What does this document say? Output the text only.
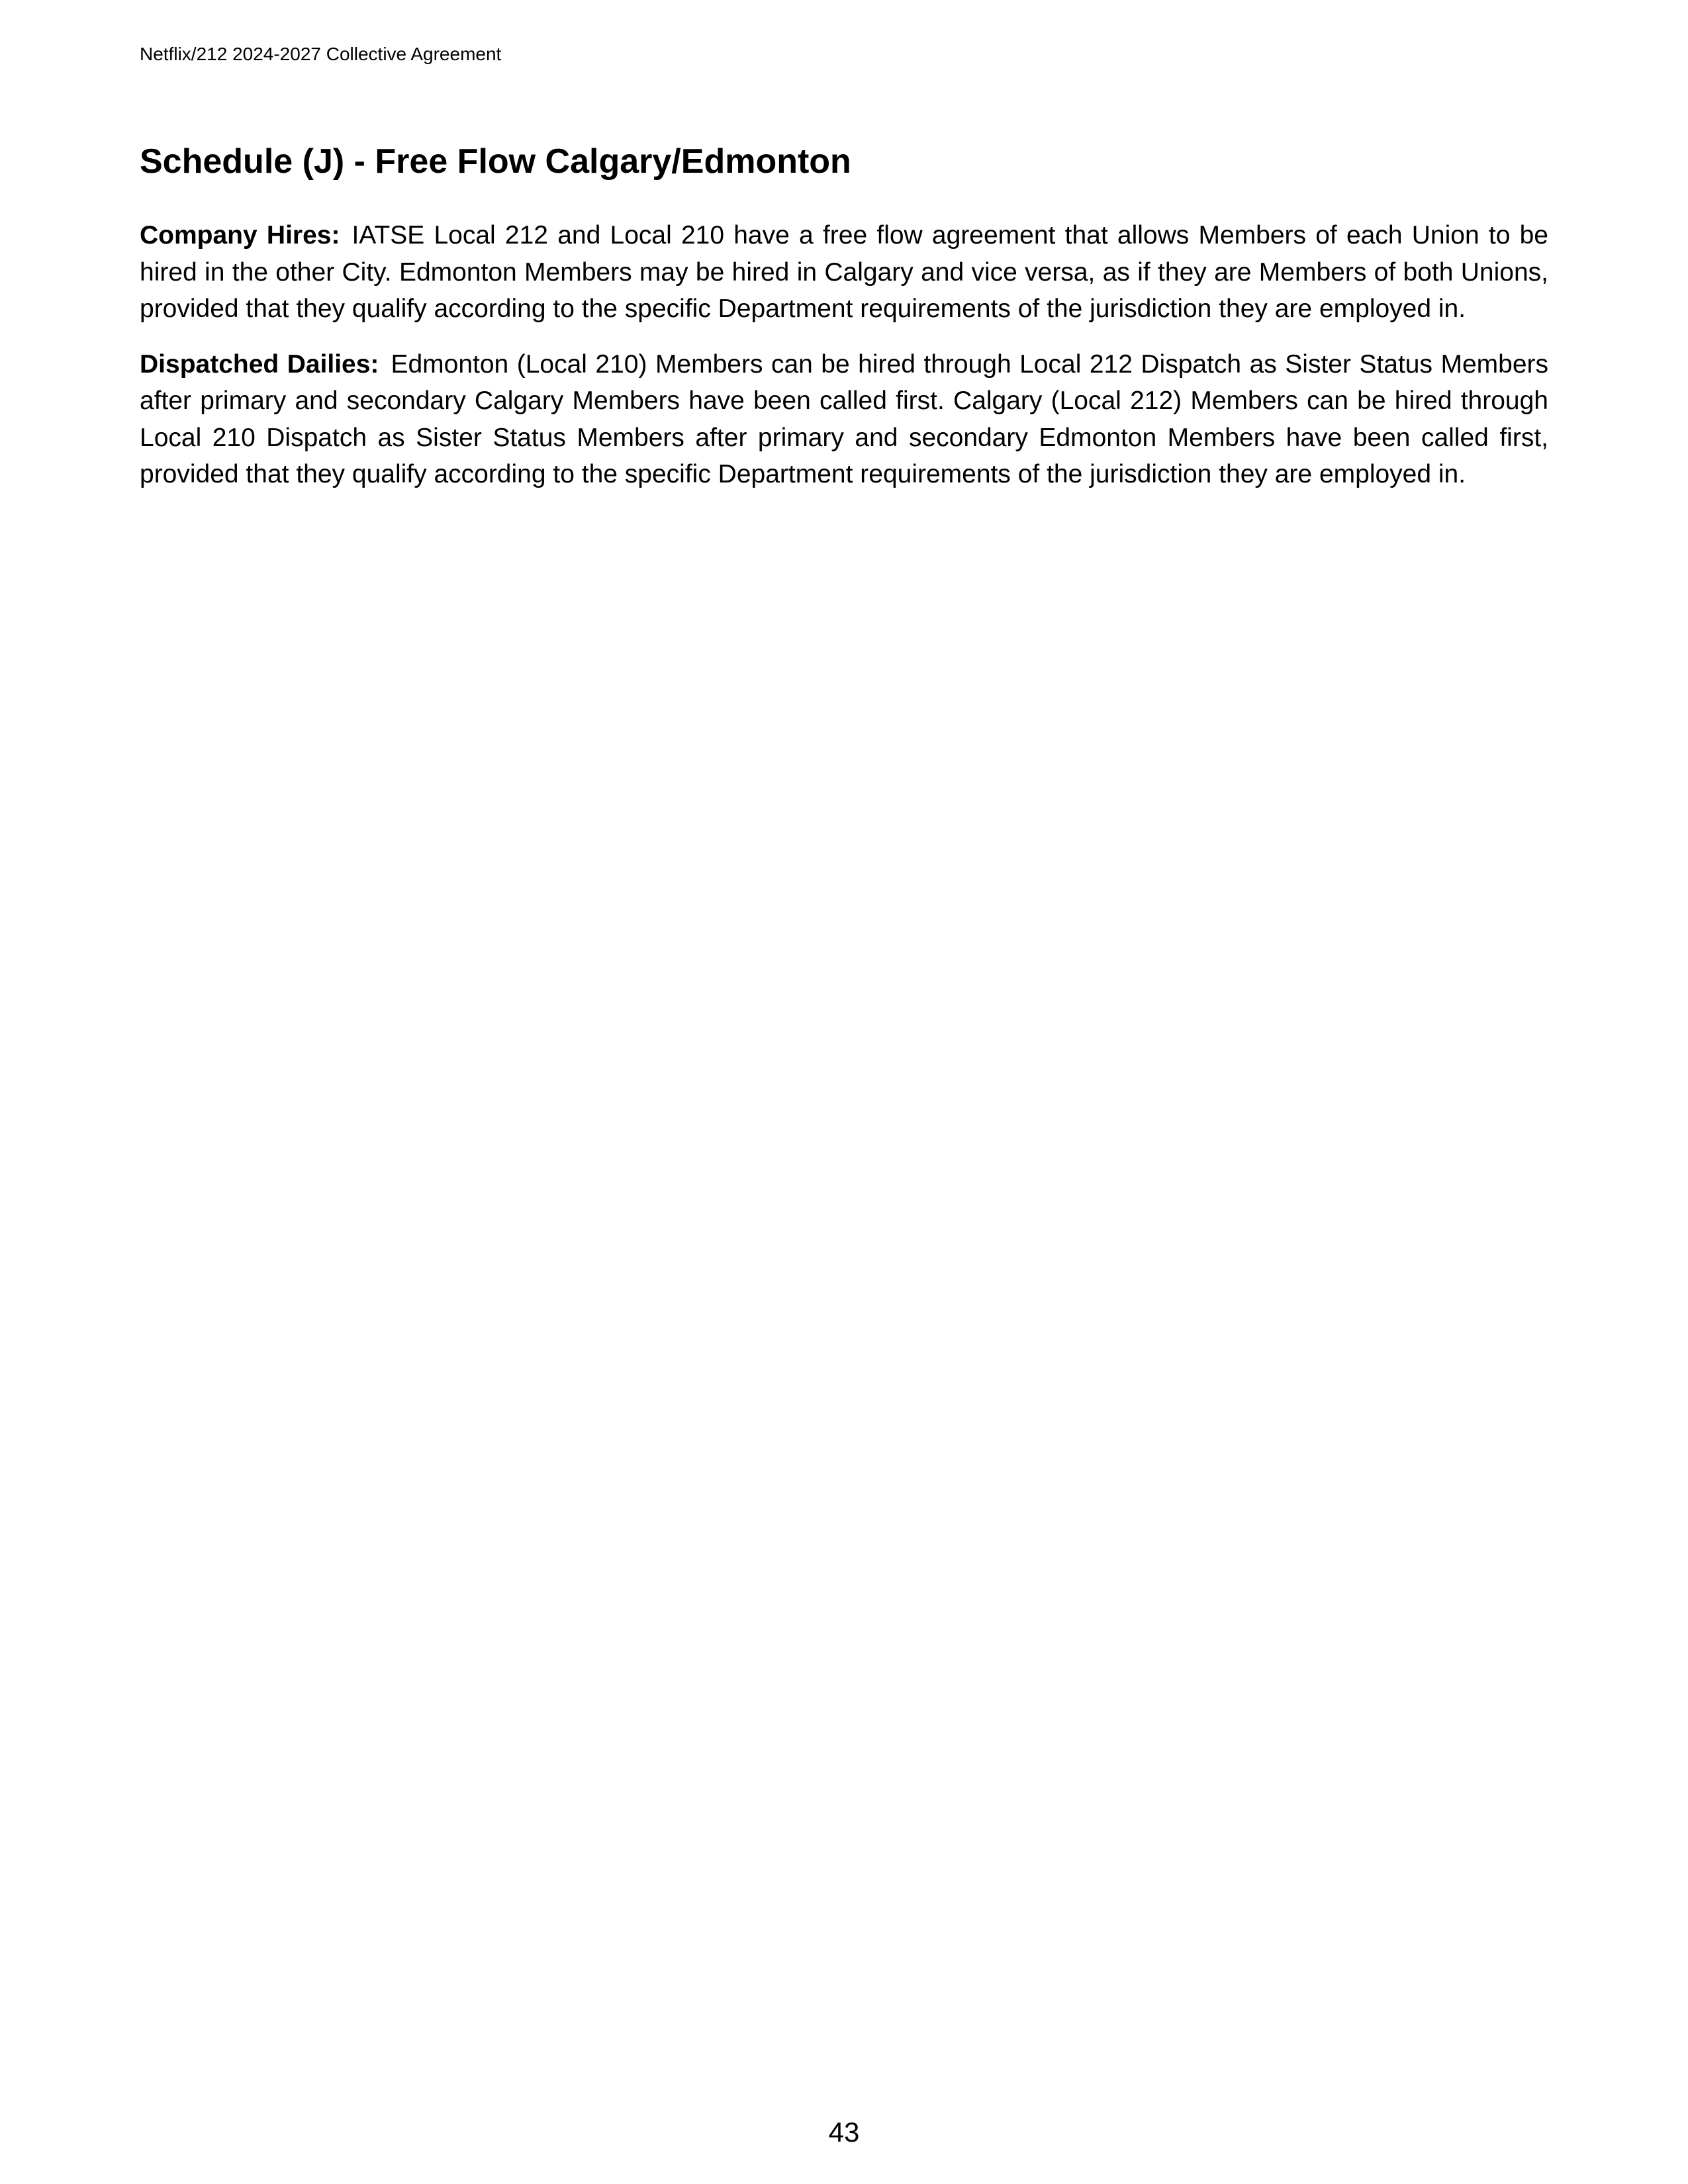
Netflix/212 2024-2027 Collective Agreement
Schedule (J) - Free Flow Calgary/Edmonton

Company Hires: IATSE Local 212 and Local 210 have a free flow agreement that allows Members of each Union to be hired in the other City. Edmonton Members may be hired in Calgary and vice versa, as if they are Members of both Unions, provided that they qualify according to the specific Department requirements of the jurisdiction they are employed in.

Dispatched Dailies: Edmonton (Local 210) Members can be hired through Local 212 Dispatch as Sister Status Members after primary and secondary Calgary Members have been called first. Calgary (Local 212) Members can be hired through Local 210 Dispatch as Sister Status Members after primary and secondary Edmonton Members have been called first, provided that they qualify according to the specific Department requirements of the jurisdiction they are employed in.

43
